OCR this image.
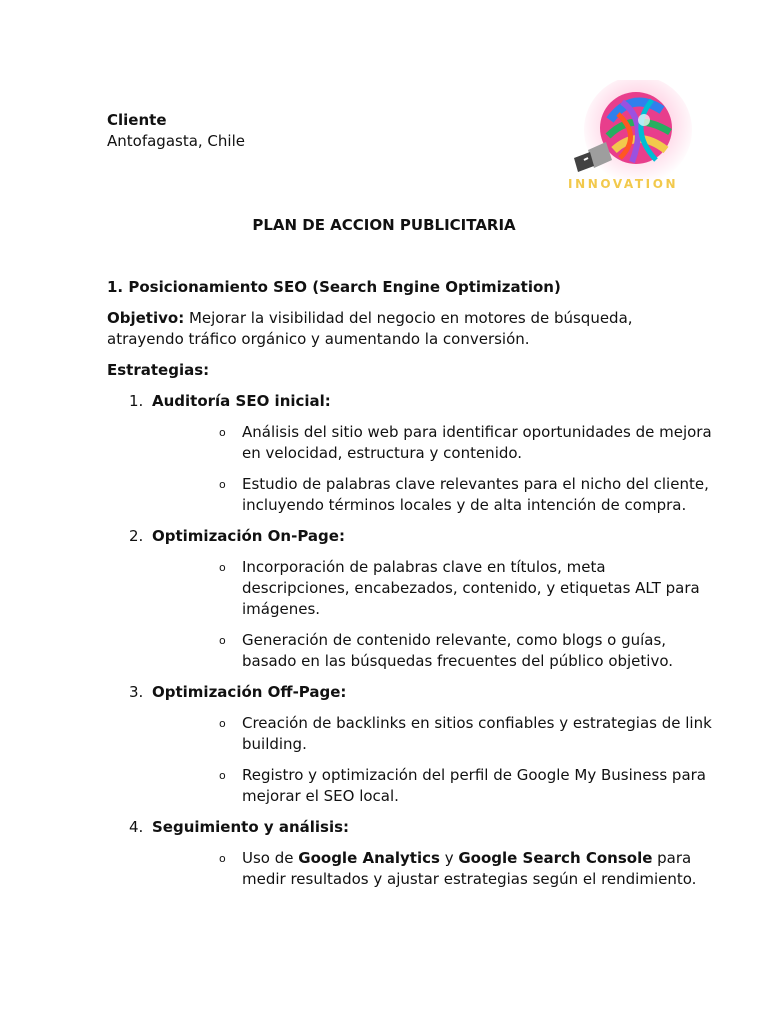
Cliente
Antofagasta, Chile
INNOVATION
PLAN DE ACCION PUBLICITARIA
1. Posicionamiento SEO (Search Engine Optimization)
Objetivo: Mejorar la visibilidad del negocio en motores de búsqueda, atrayendo tráfico orgánico y aumentando la conversión.
Estrategias:
1. Auditoría SEO inicial:
o Análisis del sitio web para identificar oportunidades de mejora en velocidad, estructura y contenido.
o Estudio de palabras clave relevantes para el nicho del cliente, incluyendo términos locales y de alta intención de compra.
2. Optimización On-Page:
o Incorporación de palabras clave en títulos, meta descripciones, encabezados, contenido, y etiquetas ALT para imágenes.
o Generación de contenido relevante, como blogs o guías, basado en las búsquedas frecuentes del público objetivo.
3. Optimización Off-Page:
o Creación de backlinks en sitios confiables y estrategias de link building.
o Registro y optimización del perfil de Google My Business para mejorar el SEO local.
4. Seguimiento y análisis:
o Uso de Google Analytics y Google Search Console para medir resultados y ajustar estrategias según el rendimiento.
